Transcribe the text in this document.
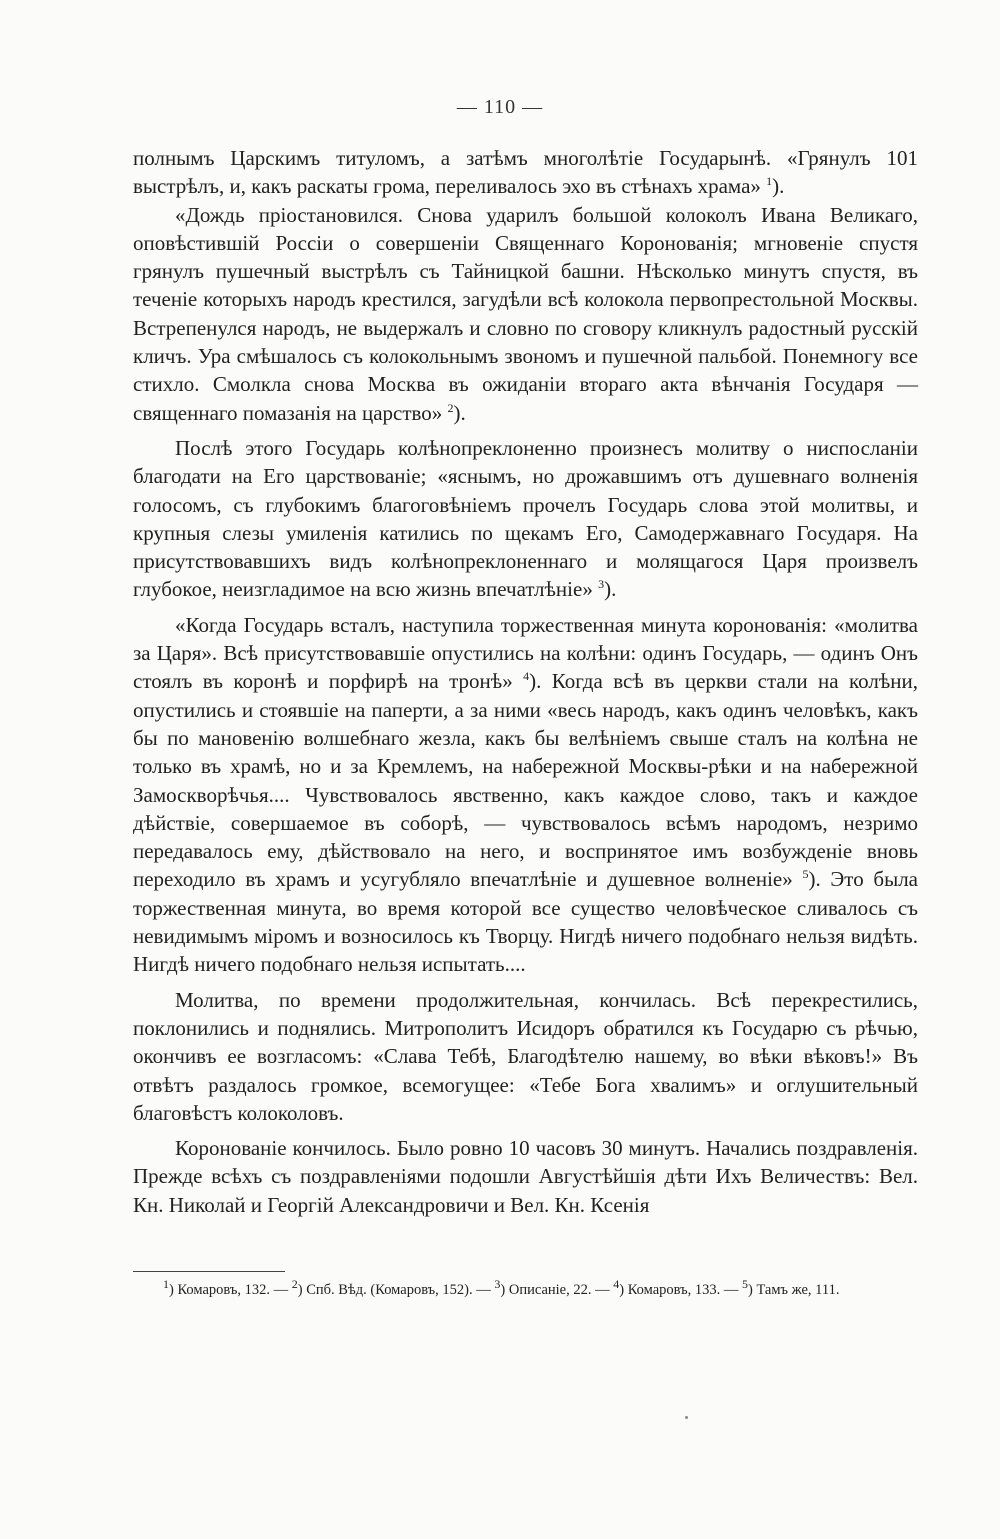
— 110 —

полнымъ Царскимъ титуломъ, а затѣмъ многолѣтіе Государынѣ. «Грянулъ 101 выстрѣлъ, и, какъ раскаты грома, переливалось эхо въ стѣнахъ храма» $^1$).

«Дождь пріостановился. Снова ударилъ большой колоколъ Ивана Великаго, оповѣстившій Россіи о совершеніи Священнаго Коронованія; мгновеніе спустя грянулъ пушечный выстрѣлъ съ Тайницкой башни. Нѣсколько минутъ спустя, въ теченіе которыхъ народъ крестился, загудѣли всѣ колокола первопрестольной Москвы. Встрепенулся народъ, не выдержалъ и словно по сговору кликнулъ радостный русскій кличъ. Ура смѣшалось съ колокольнымъ звономъ и пушечной пальбой. Понемногу все стихло. Смолкла снова Москва въ ожиданіи втораго акта вѣнчанія Государя — священнаго помазанія на царство» $^2$).

Послѣ этого Государь колѣнопреклоненно произнесъ молитву о ниспосланіи благодати на Его царствованіе; «яснымъ, но дрожавшимъ отъ душевнаго волненія голосомъ, съ глубокимъ благоговѣніемъ прочелъ Государь слова этой молитвы, и крупныя слезы умиленія катились по щекамъ Его, Самодержавнаго Государя. На присутствовавшихъ видъ колѣнопреклоненнаго и молящагося Царя произвелъ глубокое, неизгладимое на всю жизнь впечатлѣніе» $^3$).

«Когда Государь всталъ, наступила торжественная минута коронованія: «молитва за Царя». Всѣ присутствовавшіе опустились на колѣни: одинъ Государь, — одинъ Онъ стоялъ въ коронѣ и порфирѣ на тронѣ» $^4$). Когда всѣ въ церкви стали на колѣни, опустились и стоявшіе на паперти, а за ними «весь народъ, какъ одинъ человѣкъ, какъ бы по мановенію волшебнаго жезла, какъ бы велѣніемъ свыше сталъ на колѣна не только въ храмѣ, но и за Кремлемъ, на набережной Москвы-рѣки и на набережной Замоскворѣчья.... Чувствовалось явственно, какъ каждое слово, такъ и каждое дѣйствіе, совершаемое въ соборѣ, — чувствовалось всѣмъ народомъ, незримо передавалось ему, дѣйствовало на него, и воспринятое имъ возбужденіе вновь переходило въ храмъ и усугубляло впечатлѣніе и душевное волненіе» $^5$). Это была торжественная минута, во время которой все существо человѣческое сливалось съ невидимымъ міромъ и возносилось къ Творцу. Нигдѣ ничего подобнаго нельзя видѣть. Нигдѣ ничего подобнаго нельзя испытать....

Молитва, по времени продолжительная, кончилась. Всѣ перекрестились, поклонились и поднялись. Митрополитъ Исидоръ обратился къ Государю съ рѣчью, окончивъ ее возгласомъ: «Слава Тебѣ, Благодѣтелю нашему, во вѣки вѣковъ!» Въ отвѣтъ раздалось громкое, всемогущее: «Тебе Бога хвалимъ» и оглушительный благовѣстъ колоколовъ.

Коронованіе кончилось. Было ровно 10 часовъ 30 минутъ. Начались поздравленія. Прежде всѣхъ съ поздравленіями подошли Августѣйшія дѣти Ихъ Величествъ: Вел. Кн. Николай и Георгій Александровичи и Вел. Кн. Ксенія

$^1$) Комаровъ, 132. — $^2$) Спб. Вѣд. (Комаровъ, 152). — $^3$) Описаніе, 22. — $^4$) Комаровъ, 133. — $^5$) Тамъ же, 111.
